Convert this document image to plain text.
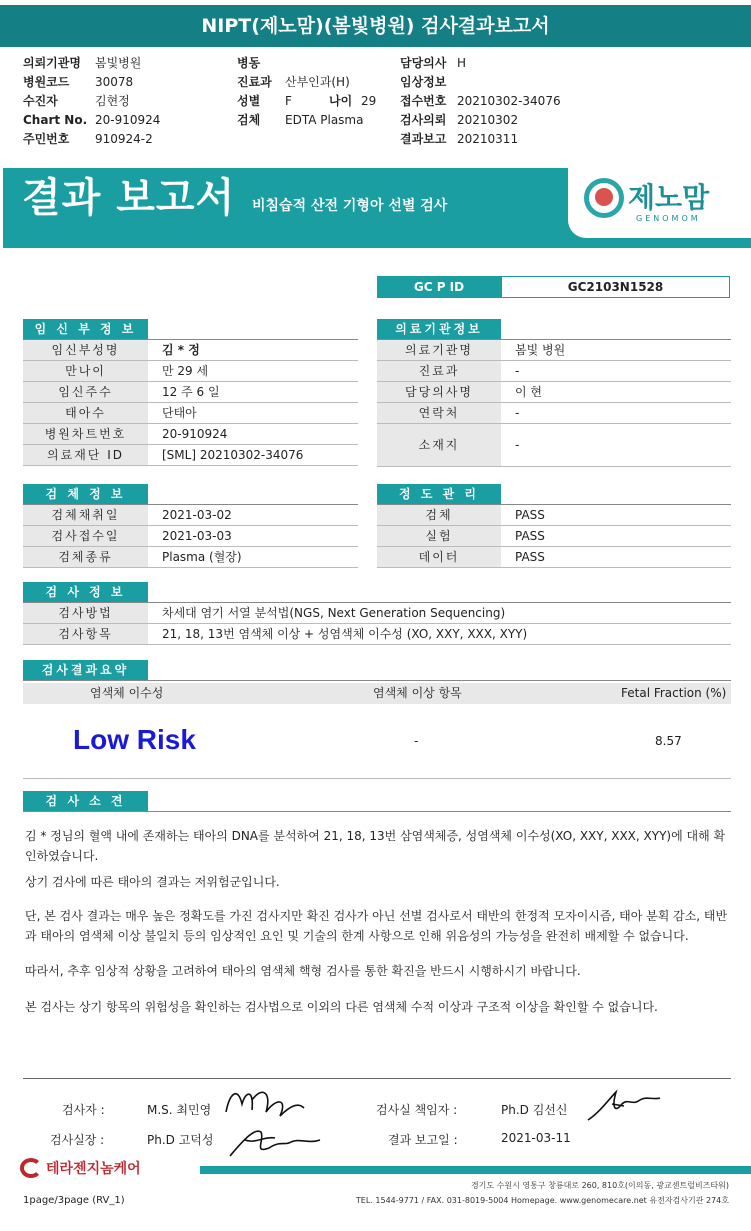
NIPT(제노맘)(봄빛병원) 검사결과보고서
의뢰기관명 봄빛병원
병원코드 30078
수진자	김현정
Chart No. 20-910924
주민번호 910924-2
병동
진료과 산부인과(H)
성별 F	나이 29
검체 EDTA Plasma
담당의사 H
임상정보
접수번호 20210302-34076
검사의뢰 20210302
결과보고 20210311
결과 보고서 비침습적 산전 기형아 선별 검사	제노맘
GENOMOM
GC P ID	GC2103N1528
임 신 부 정 보
임신부성명	김 * 정
만나이	만 29 세
임신주수	12 주 6 일
태아수	단태아
병원차트번호	20-910924
의료재단 ID	[SML] 20210302-34076
의료기관정보
의료기관명	봄빛 병원
진료과	-
담당의사명	이 현
연락처	-
소재지	-
검 체 정 보
검체채취일	2021-03-02
검사접수일	2021-03-03
검체종류	Plasma (혈장)
정 도 관 리
검체	PASS
실험	PASS
데이터	PASS
검 사 정 보
검사방법	차세대 염기 서열 분석법(NGS, Next Generation Sequencing)
검사항목	21, 18, 13번 염색체 이상 + 성염색체 이수성 (XO, XXY, XXX, XYY)
검사결과요약
염색체 이수성	염색체 이상 항목	Fetal Fraction (%)
Low Risk	-	8.57
검 사 소 견
김 * 정님의 혈액 내에 존재하는 태아의 DNA를 분석하여 21, 18, 13번 삼염색체증, 성염색체 이수성(XO, XXY, XXX, XYY)에 대해 확인하였습니다.
상기 검사에 따른 태아의 결과는 저위험군입니다.
단, 본 검사 결과는 매우 높은 정확도를 가진 검사지만 확진 검사가 아닌 선별 검사로서 태반의 한정적 모자이시즘, 태아 분획 감소, 태반과 태아의 염색체 이상 불일치 등의 임상적인 요인 및 기술의 한계 사항으로 인해 위음성의 가능성을 완전히 배제할 수 없습니다.
따라서, 추후 임상적 상황을 고려하여 태아의 염색체 핵형 검사를 통한 확진을 반드시 시행하시기 바랍니다.
본 검사는 상기 항목의 위험성을 확인하는 검사법으로 이외의 다른 염색체 수적 이상과 구조적 이상을 확인할 수 없습니다.
검사자 :	M.S. 최민영
검사실장 :	Ph.D 고덕성
검사실 책임자 :	Ph.D 김선신
결과 보고일 :	2021-03-11
테라젠지놈케어
1page/3page (RV_1)
경기도 수원시 영통구 창룡대로 260, 810호(이의동, 광교센트럴비즈타워)
TEL. 1544-9771 / FAX. 031-8019-5004 Homepage. www.genomecare.net 유전자검사기관 274호
